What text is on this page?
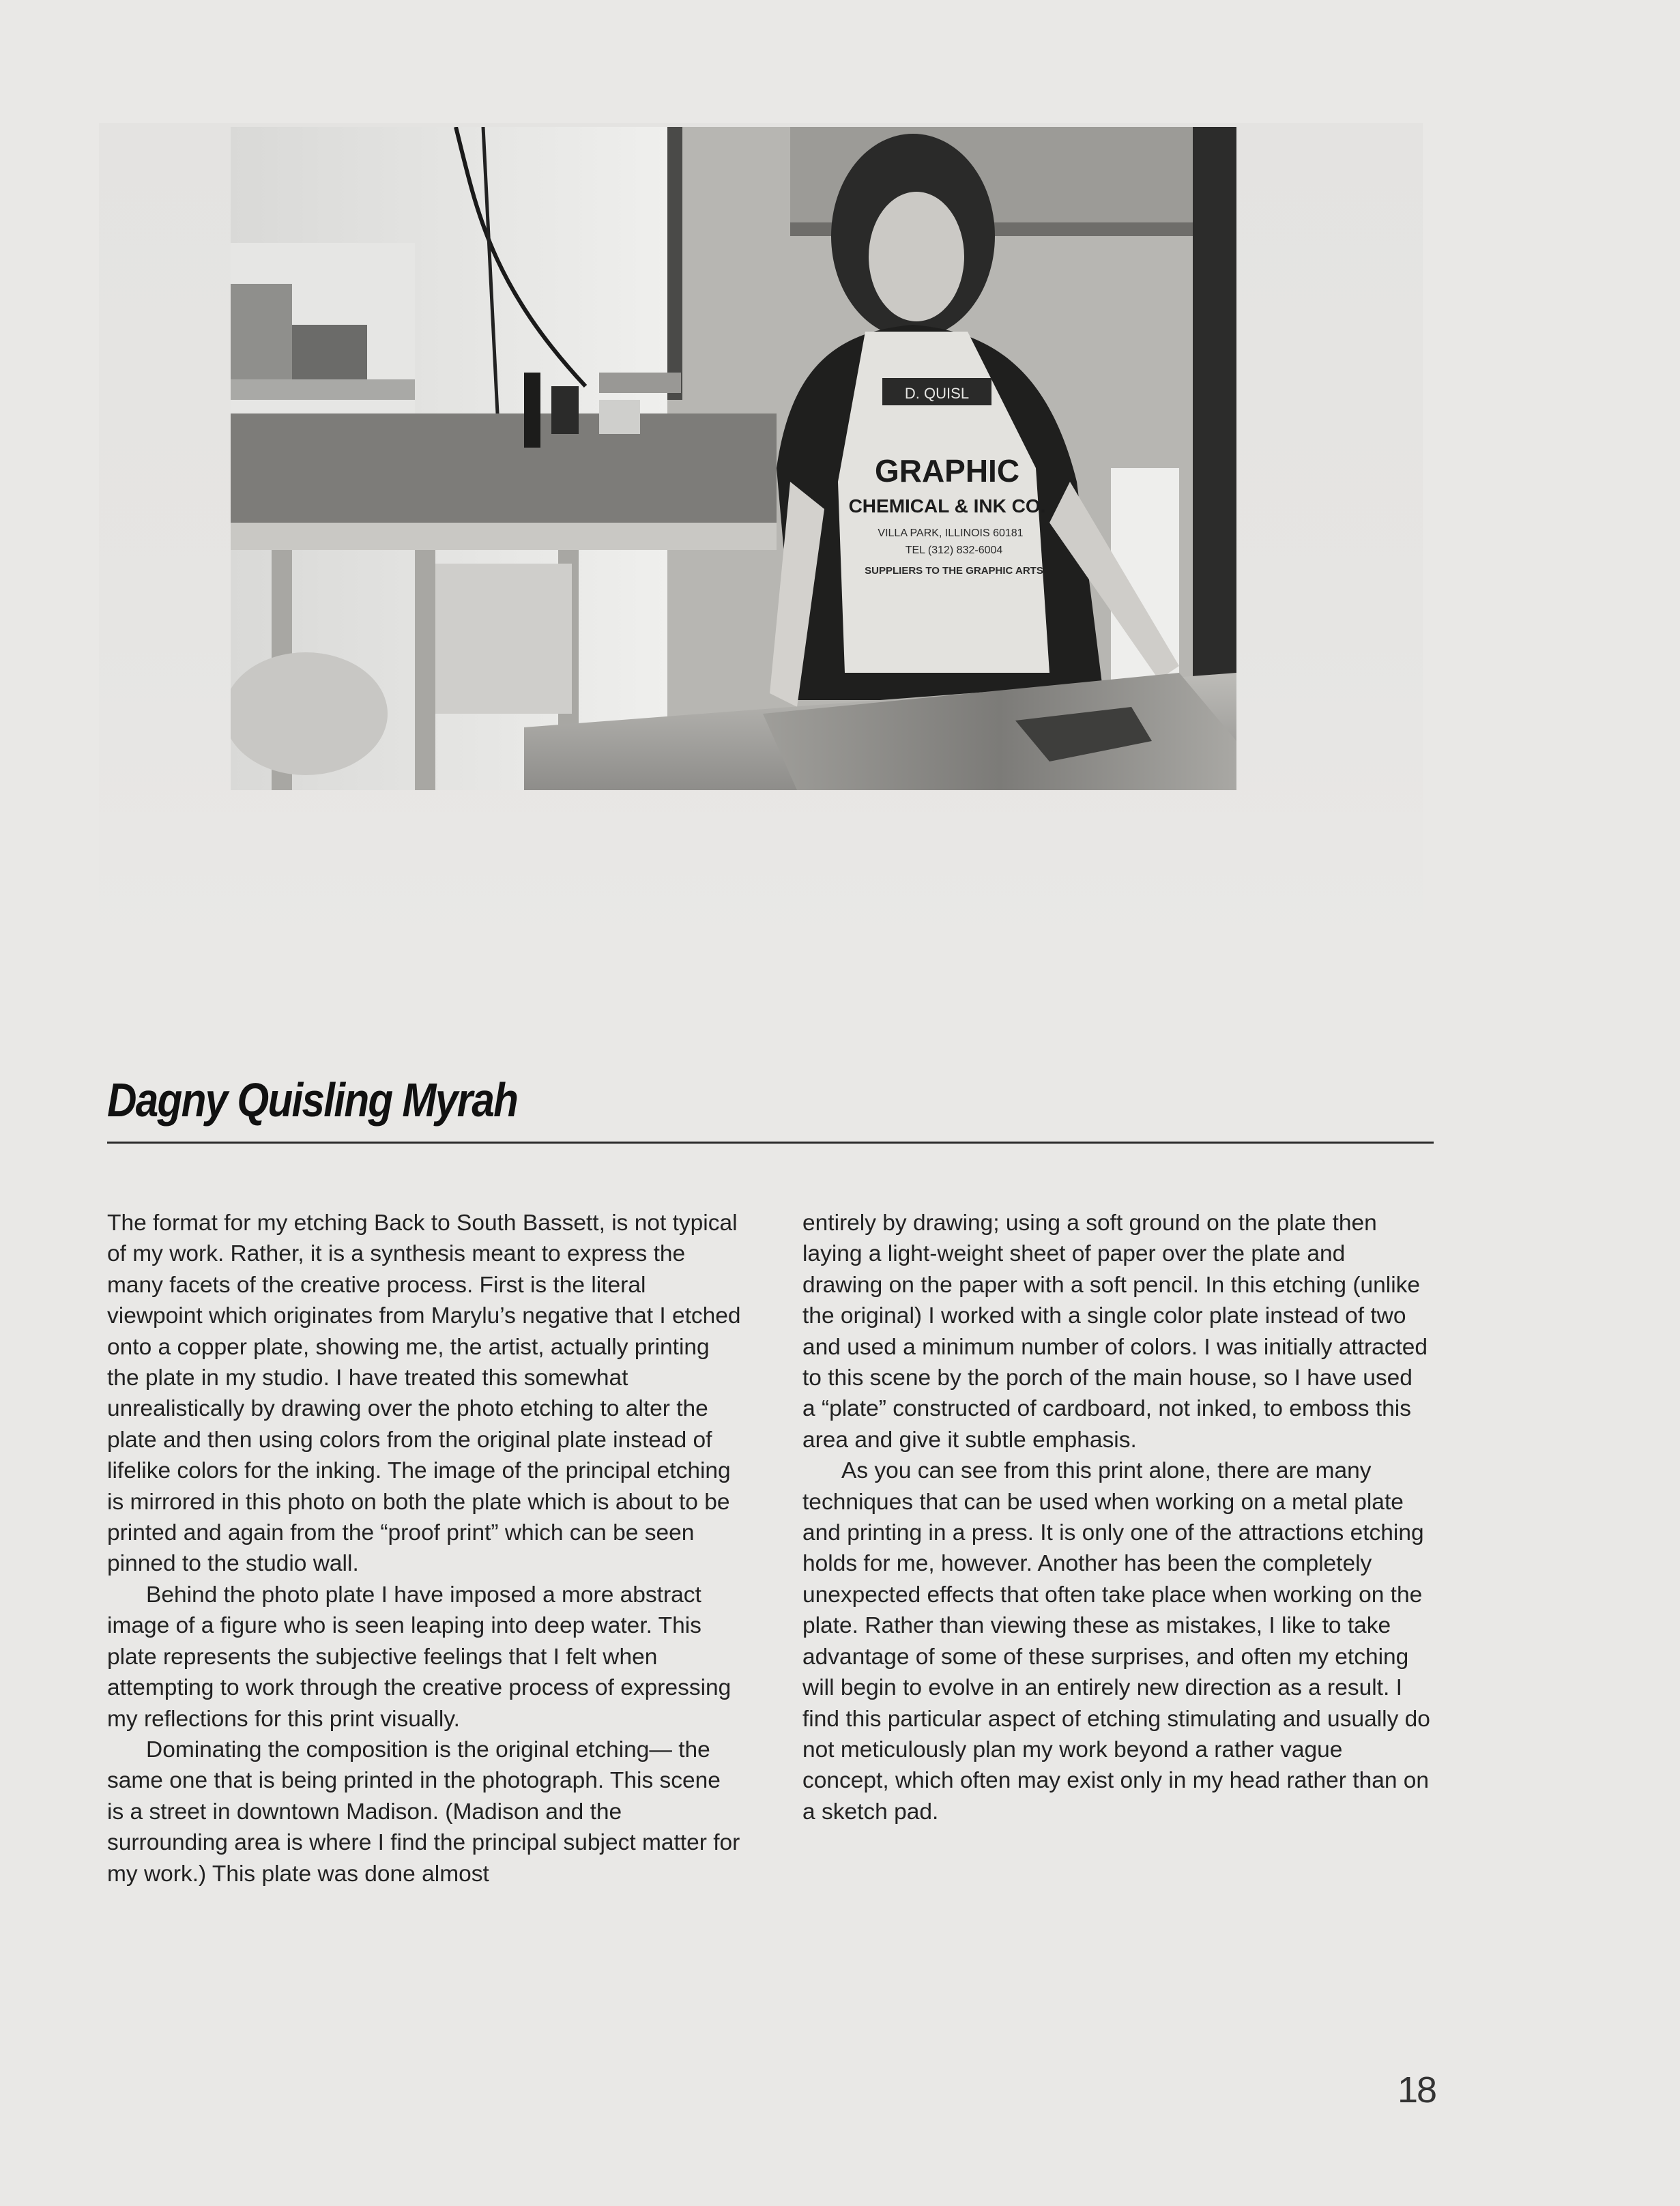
D. QUISL
GRAPHIC
CHEMICAL & INK CO.
VILLA PARK, ILLINOIS 60181
TEL (312) 832-6004
SUPPLIERS TO THE GRAPHIC ARTS
Dagny Quisling Myrah

The format for my etching Back to South Bassett, is not typical of my work. Rather, it is a synthesis meant to express the many facets of the creative process. First is the literal viewpoint which originates from Marylu’s negative that I etched onto a copper plate, showing me, the artist, actually printing the plate in my studio. I have treated this somewhat unrealistically by drawing over the photo etching to alter the plate and then using colors from the original plate instead of lifelike colors for the inking. The image of the principal etching is mirrored in this photo on both the plate which is about to be printed and again from the “proof print” which can be seen pinned to the studio wall.

Behind the photo plate I have imposed a more abstract image of a figure who is seen leaping into deep water. This plate represents the subjective feelings that I felt when attempting to work through the creative process of expressing my reflections for this print visually.

Dominating the composition is the original etching— the same one that is being printed in the photograph. This scene is a street in downtown Madison. (Madison and the surrounding area is where I find the principal subject matter for my work.) This plate was done almost

entirely by drawing; using a soft ground on the plate then laying a light-weight sheet of paper over the plate and drawing on the paper with a soft pencil. In this etching (unlike the original) I worked with a single color plate instead of two and used a minimum number of colors. I was initially attracted to this scene by the porch of the main house, so I have used a “plate” constructed of cardboard, not inked, to emboss this area and give it subtle emphasis.

As you can see from this print alone, there are many techniques that can be used when working on a metal plate and printing in a press. It is only one of the attractions etching holds for me, however. Another has been the completely unexpected effects that often take place when working on the plate. Rather than viewing these as mistakes, I like to take advantage of some of these surprises, and often my etching will begin to evolve in an entirely new direction as a result. I find this particular aspect of etching stimulating and usually do not meticulously plan my work beyond a rather vague concept, which often may exist only in my head rather than on a sketch pad.

18
